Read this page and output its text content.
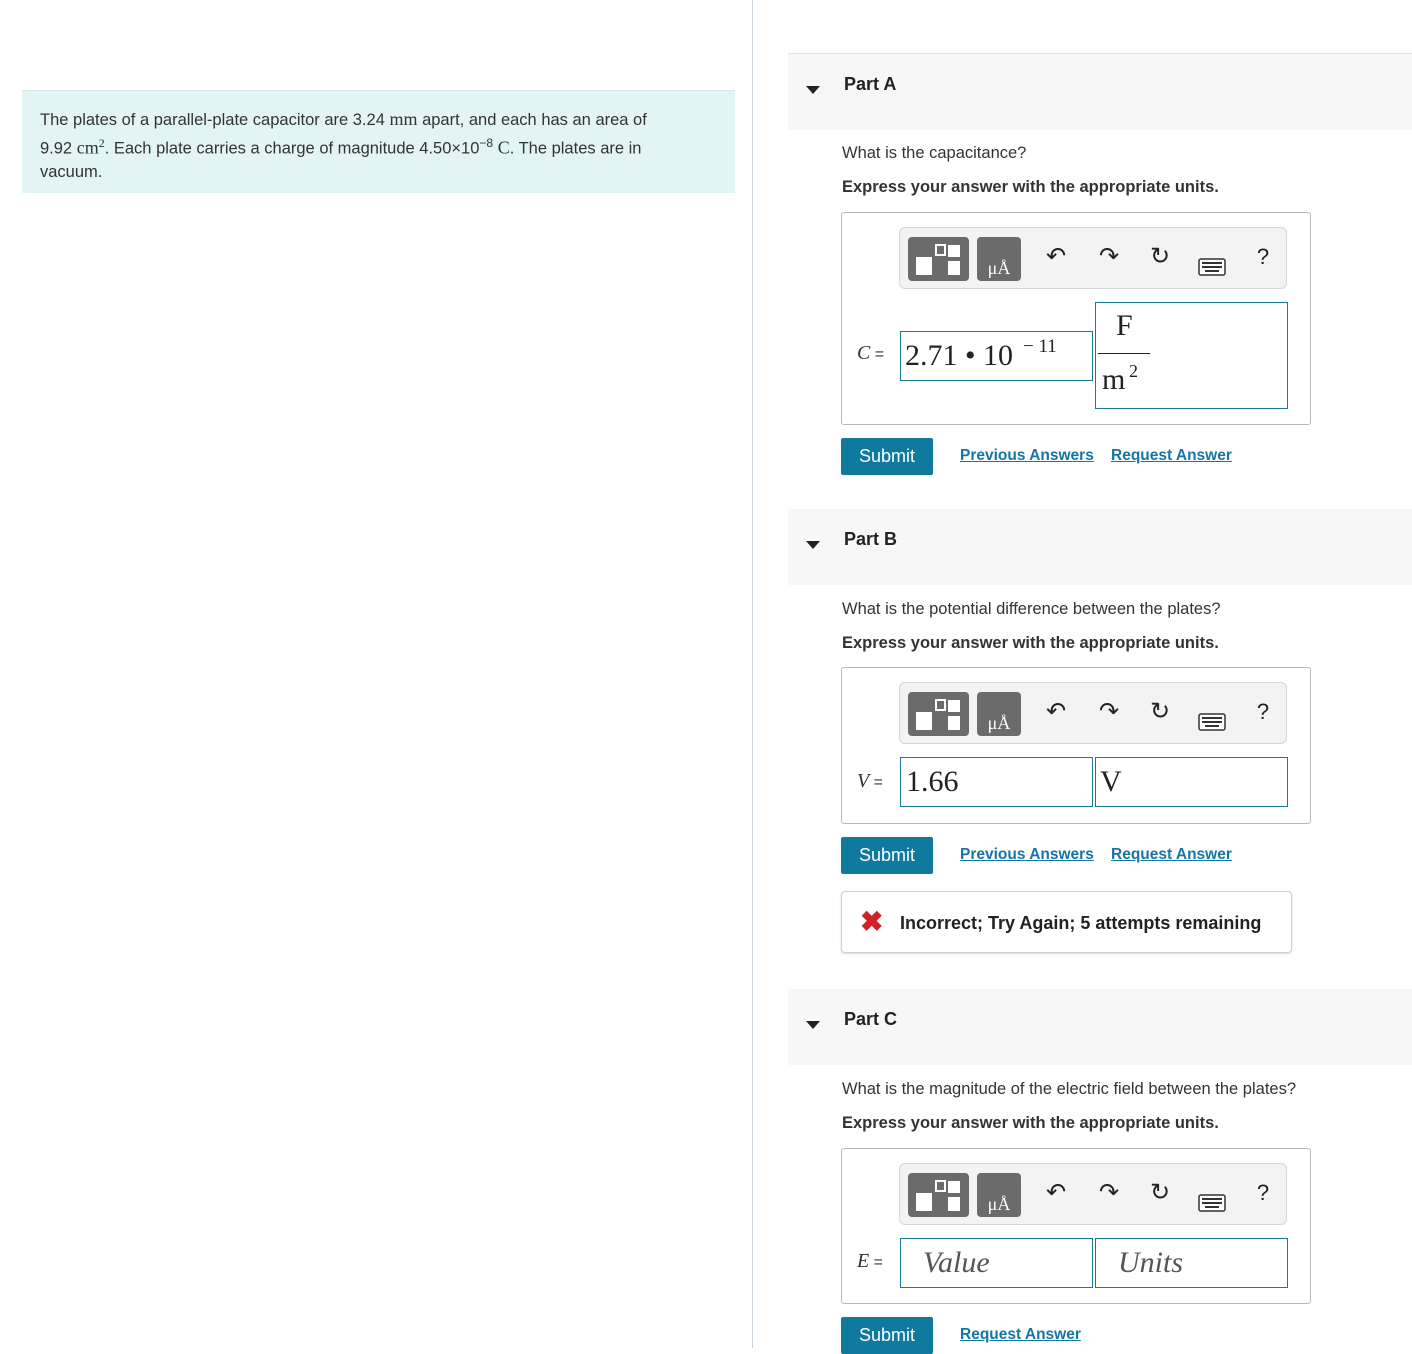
The plates of a parallel-plate capacitor are 3.24 mm apart, and each has an area of
9.92 $cm^2$. Each plate carries a charge of magnitude $4.50\times 10^{-8}$ C. The plates are in
vacuum.

Part A
What is the capacitance?
Express your answer with the appropriate units.
μÅ	↶ ↷ ↻	?
C = 2.71 • 10 − 11
F
m 2
Submit	Previous Answers Request Answer
Part B
What is the potential difference between the plates?
Express your answer with the appropriate units.
μÅ	↶ ↷ ↻	?
V = 1.66	V
Submit	Previous Answers Request Answer
✖ Incorrect; Try Again; 5 attempts remaining
Part C
What is the magnitude of the electric field between the plates?
Express your answer with the appropriate units.
μÅ	↶ ↷ ↻	?
E = Value	Units
Submit	Request Answer
